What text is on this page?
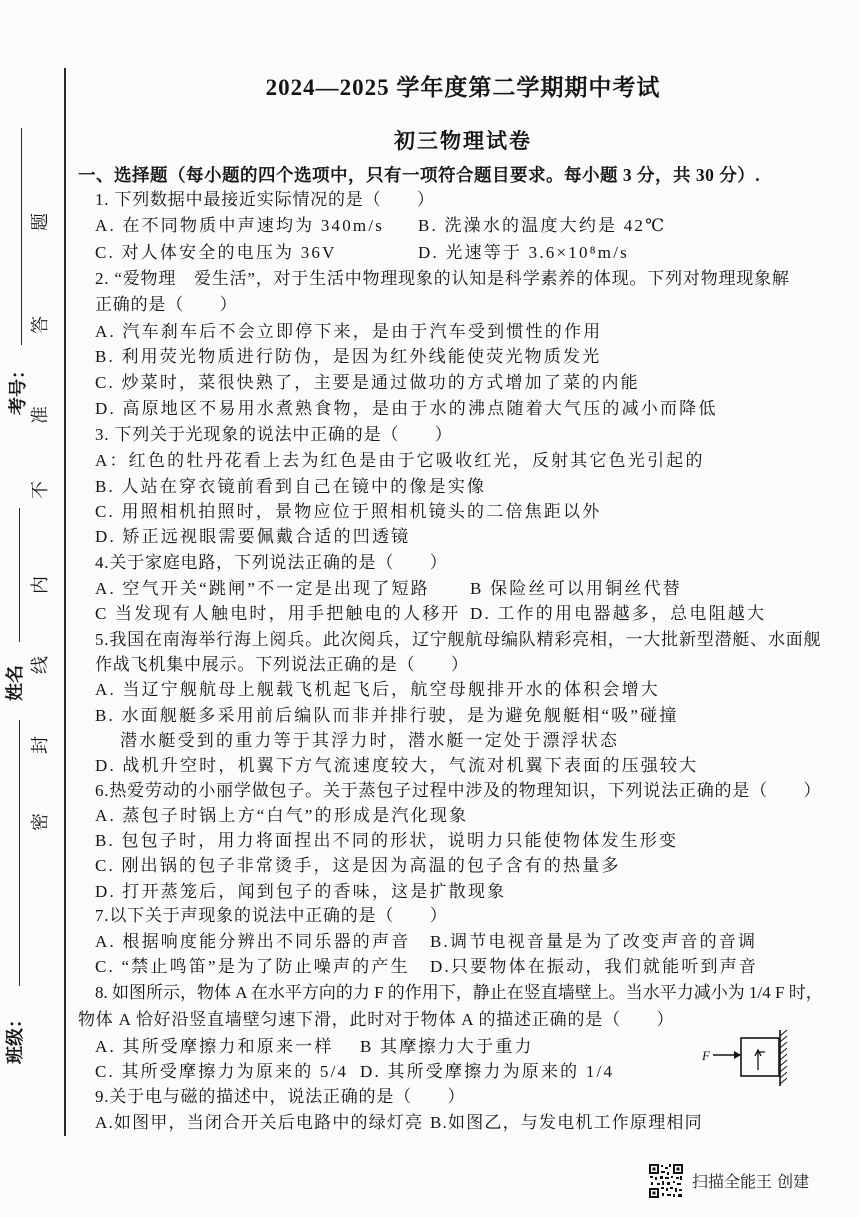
考号：
姓名
班级：
题
答
准
不
内
线
封
密
2024—2025 学年度第二学期期中考试
初三物理试卷
一、选择题（每小题的四个选项中，只有一项符合题目要求。每小题 3 分，共 30 分）.
1. 下列数据中最接近实际情况的是（　　）
A. 在不同物质中声速均为 340m/s B. 洗澡水的温度大约是 42℃
C. 对人体安全的电压为 36V	D. 光速等于 3.6×10⁸m/s
2. “爱物理　爱生活”，对于生活中物理现象的认知是科学素养的体现。下列对物理现象解
正确的是（　　）
A. 汽车刹车后不会立即停下来，是由于汽车受到惯性的作用
B. 利用荧光物质进行防伪，是因为红外线能使荧光物质发光
C. 炒菜时，菜很快熟了，主要是通过做功的方式增加了菜的内能
D. 高原地区不易用水煮熟食物，是由于水的沸点随着大气压的减小而降低
3. 下列关于光现象的说法中正确的是（　　）
A：红色的牡丹花看上去为红色是由于它吸收红光，反射其它色光引起的
B. 人站在穿衣镜前看到自己在镜中的像是实像
C. 用照相机拍照时，景物应位于照相机镜头的二倍焦距以外
D. 矫正远视眼需要佩戴合适的凹透镜
4.关于家庭电路，下列说法正确的是（　　）
A. 空气开关“跳闸”不一定是出现了短路 B 保险丝可以用铜丝代替
C 当发现有人触电时，用手把触电的人移开 D. 工作的用电器越多，总电阻越大
5.我国在南海举行海上阅兵。此次阅兵，辽宁舰航母编队精彩亮相，一大批新型潜艇、水面舰
作战飞机集中展示。下列说法正确的是（　　）
A. 当辽宁舰航母上舰载飞机起飞后，航空母舰排开水的体积会增大
B. 水面舰艇多采用前后编队而非并排行驶，是为避免舰艇相“吸”碰撞
潜水艇受到的重力等于其浮力时，潜水艇一定处于漂浮状态
D. 战机升空时，机翼下方气流速度较大，气流对机翼下表面的压强较大
6.热爱劳动的小丽学做包子。关于蒸包子过程中涉及的物理知识，下列说法正确的是（　　）
A. 蒸包子时锅上方“白气”的形成是汽化现象
B. 包包子时，用力将面捏出不同的形状，说明力只能使物体发生形变
C. 刚出锅的包子非常烫手，这是因为高温的包子含有的热量多
D. 打开蒸笼后，闻到包子的香味，这是扩散现象
7.以下关于声现象的说法中正确的是（　　）
A. 根据响度能分辨出不同乐器的声音 B.调节电视音量是为了改变声音的音调
C. “禁止鸣笛”是为了防止噪声的产生 D.只要物体在振动，我们就能听到声音
8. 如图所示，物体 A 在水平方向的力 F 的作用下，静止在竖直墙壁上。当水平力减小为 1/4 F 时，
物体 A 恰好沿竖直墙壁匀速下滑，此时对于物体 A 的描述正确的是（　　）
A. 其所受摩擦力和原来一样 B 其摩擦力大于重力
C. 其所受摩擦力为原来的 5/4 D. 其所受摩擦力为原来的 1/4
F
9.关于电与磁的描述中，说法正确的是（　　）
A.如图甲，当闭合开关后电路中的绿灯亮 B.如图乙，与发电机工作原理相同
扫描全能王 创建
